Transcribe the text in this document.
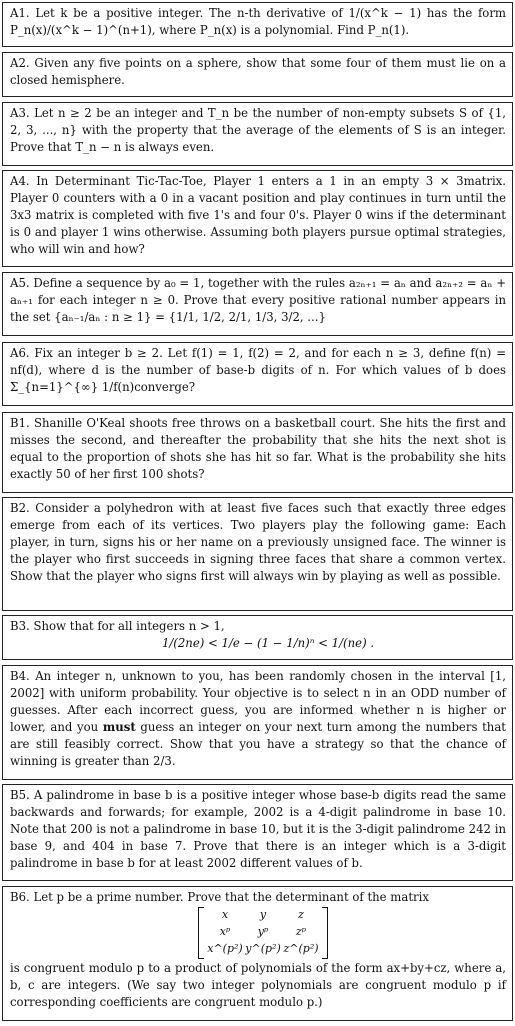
A1. Let k be a positive integer. The n-th derivative of 1/(x^k − 1) has the form P_n(x)/(x^k − 1)^(n+1), where P_n(x) is a polynomial. Find P_n(1).
A2. Given any five points on a sphere, show that some four of them must lie on a closed hemisphere.
A3. Let n ≥ 2 be an integer and T_n be the number of non-empty subsets S of {1, 2, 3, ..., n} with the property that the average of the elements of S is an integer. Prove that T_n − n is always even.
A4. In Determinant Tic-Tac-Toe, Player 1 enters a 1 in an empty 3 × 3matrix. Player 0 counters with a 0 in a vacant position and play continues in turn until the 3x3 matrix is completed with five 1's and four 0's. Player 0 wins if the determinant is 0 and player 1 wins otherwise. Assuming both players pursue optimal strategies, who will win and how?
A5. Define a sequence by a₀ = 1, together with the rules a₂ₙ₊₁ = aₙ and a₂ₙ₊₂ = aₙ + aₙ₊₁ for each integer n ≥ 0. Prove that every positive rational number appears in the set {aₙ₋₁/aₙ : n ≥ 1} = {1/1, 1/2, 2/1, 1/3, 3/2, ...}
A6. Fix an integer b ≥ 2. Let f(1) = 1, f(2) = 2, and for each n ≥ 3, define f(n) = nf(d), where d is the number of base-b digits of n. For which values of b does Σ_{n=1}^{∞} 1/f(n)converge?
B1. Shanille O'Keal shoots free throws on a basketball court. She hits the first and misses the second, and thereafter the probability that she hits the next shot is equal to the proportion of shots she has hit so far. What is the probability she hits exactly 50 of her first 100 shots?
B2. Consider a polyhedron with at least five faces such that exactly three edges emerge from each of its vertices. Two players play the following game: Each player, in turn, signs his or her name on a previously unsigned face. The winner is the player who first succeeds in signing three faces that share a common vertex. Show that the player who signs first will always win by playing as well as possible.
B3. Show that for all integers n > 1,
1/(2ne) < 1/e − (1 − 1/n)ⁿ < 1/(ne) .
B4. An integer n, unknown to you, has been randomly chosen in the interval [1, 2002] with uniform probability. Your objective is to select n in an ODD number of guesses. After each incorrect guess, you are informed whether n is higher or lower, and you must guess an integer on your next turn among the numbers that are still feasibly correct. Show that you have a strategy so that the chance of winning is greater than 2/3.
B5. A palindrome in base b is a positive integer whose base-b digits read the same backwards and forwards; for example, 2002 is a 4-digit palindrome in base 10. Note that 200 is not a palindrome in base 10, but it is the 3-digit palindrome 242 in base 9, and 404 in base 7. Prove that there is an integer which is a 3-digit palindrome in base b for at least 2002 different values of b.
B6. Let p be a prime number. Prove that the determinant of the matrix
x	y	z
xᵖ	yᵖ	zᵖ
x^(p²)	y^(p²)	z^(p²)
is congruent modulo p to a product of polynomials of the form ax+by+cz, where a, b, c are integers. (We say two integer polynomials are congruent modulo p if corresponding coefficients are congruent modulo p.)
